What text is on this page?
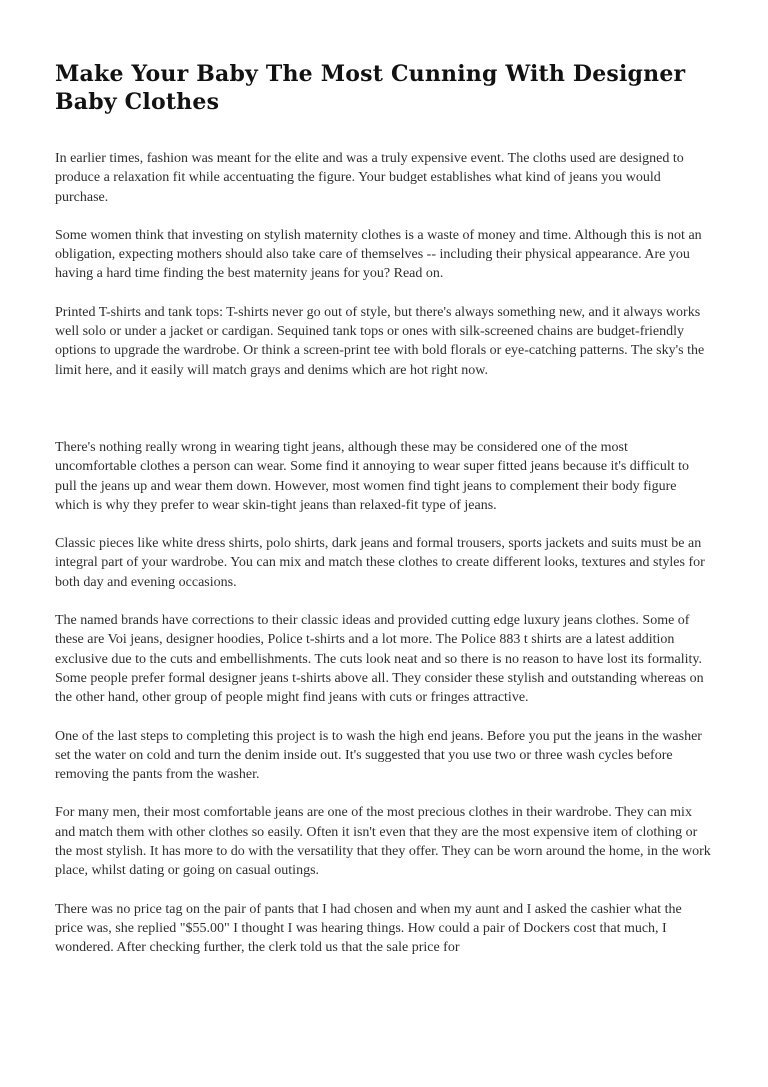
Make Your Baby The Most Cunning With Designer Baby Clothes

In earlier times, fashion was meant for the elite and was a truly expensive event. The cloths used are designed to produce a relaxation fit while accentuating the figure. Your budget establishes what kind of jeans you would purchase.

Some women think that investing on stylish maternity clothes is a waste of money and time. Although this is not an obligation, expecting mothers should also take care of themselves -- including their physical appearance. Are you having a hard time finding the best maternity jeans for you? Read on.

Printed T-shirts and tank tops: T-shirts never go out of style, but there's always something new, and it always works well solo or under a jacket or cardigan. Sequined tank tops or ones with silk-screened chains are budget-friendly options to upgrade the wardrobe. Or think a screen-print tee with bold florals or eye-catching patterns. The sky's the limit here, and it easily will match grays and denims which are hot right now.

There's nothing really wrong in wearing tight jeans, although these may be considered one of the most uncomfortable clothes a person can wear. Some find it annoying to wear super fitted jeans because it's difficult to pull the jeans up and wear them down. However, most women find tight jeans to complement their body figure which is why they prefer to wear skin-tight jeans than relaxed-fit type of jeans.

Classic pieces like white dress shirts, polo shirts, dark jeans and formal trousers, sports jackets and suits must be an integral part of your wardrobe. You can mix and match these clothes to create different looks, textures and styles for both day and evening occasions.

The named brands have corrections to their classic ideas and provided cutting edge luxury jeans clothes. Some of these are Voi jeans, designer hoodies, Police t-shirts and a lot more. The Police 883 t shirts are a latest addition exclusive due to the cuts and embellishments. The cuts look neat and so there is no reason to have lost its formality. Some people prefer formal designer jeans t-shirts above all. They consider these stylish and outstanding whereas on the other hand, other group of people might find jeans with cuts or fringes attractive.

One of the last steps to completing this project is to wash the high end jeans. Before you put the jeans in the washer set the water on cold and turn the denim inside out. It's suggested that you use two or three wash cycles before removing the pants from the washer.

For many men, their most comfortable jeans are one of the most precious clothes in their wardrobe. They can mix and match them with other clothes so easily. Often it isn't even that they are the most expensive item of clothing or the most stylish. It has more to do with the versatility that they offer. They can be worn around the home, in the work place, whilst dating or going on casual outings.

There was no price tag on the pair of pants that I had chosen and when my aunt and I asked the cashier what the price was, she replied "$55.00" I thought I was hearing things. How could a pair of Dockers cost that much, I wondered. After checking further, the clerk told us that the sale price for
